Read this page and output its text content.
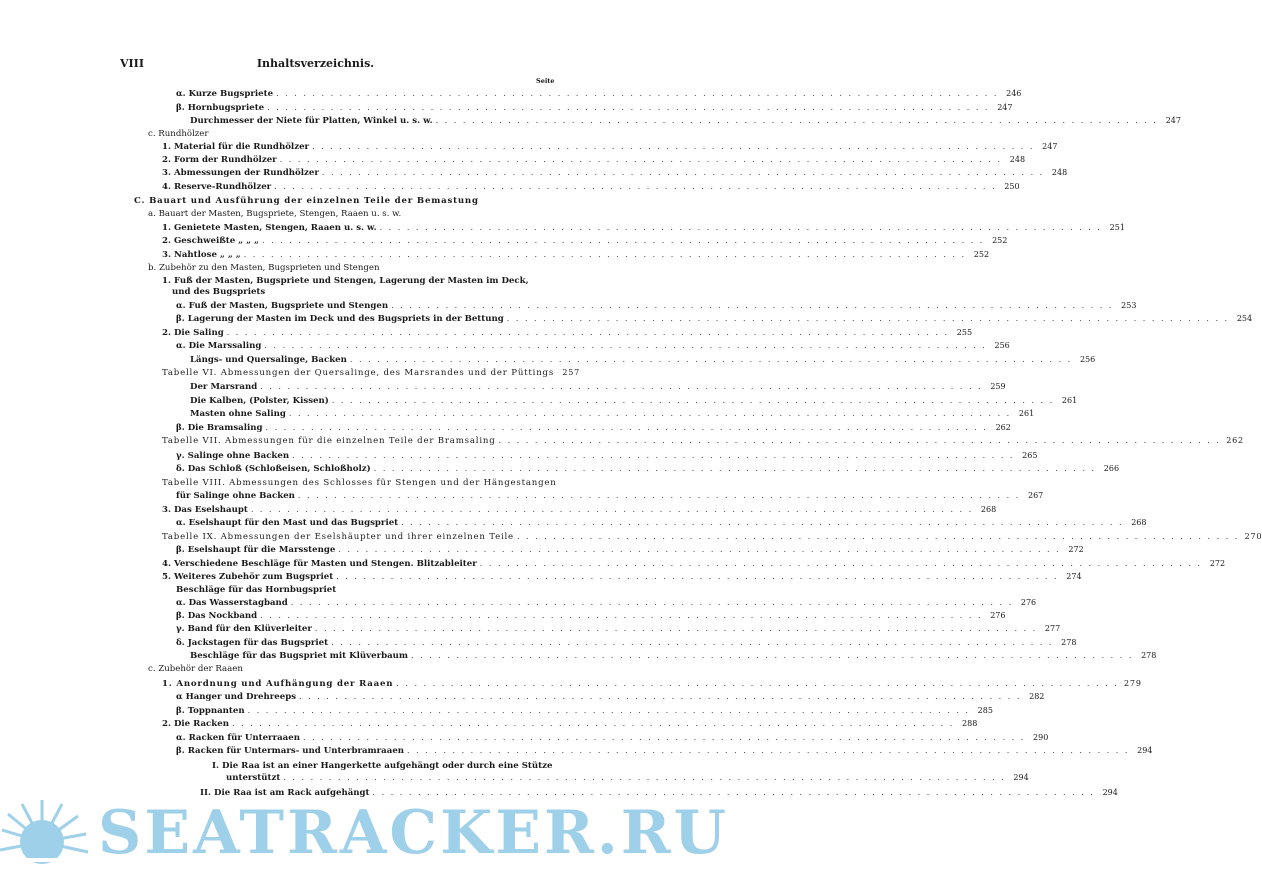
VIII	Inhaltsverzeichnis.
Seite
α. Kurze Bugspriete . . . . . . . . . . . . . . . . . . . . . . . . . . . . . . . . . . . . . . . . . . . . . . . . . . . . . . . . . . . . . . . . . . . . . . . . . . . . . . . . 246
β. Hornbugspriete . . . . . . . . . . . . . . . . . . . . . . . . . . . . . . . . . . . . . . . . . . . . . . . . . . . . . . . . . . . . . . . . . . . . . . . . . . . . . . . . 247
Durchmesser der Niete für Platten, Winkel u. s. w. . . . . . . . . . . . . . . . . . . . . . . . . . . . . . . . . . . . . . . . . . . . . . . . . . . . . . . . . . . . . . . . . . . . . . . . . . . . . . . . . 247
c. Rundhölzer
1. Material für die Rundhölzer . . . . . . . . . . . . . . . . . . . . . . . . . . . . . . . . . . . . . . . . . . . . . . . . . . . . . . . . . . . . . . . . . . . . . . . . . . . . . . . . 247
2. Form der Rundhölzer . . . . . . . . . . . . . . . . . . . . . . . . . . . . . . . . . . . . . . . . . . . . . . . . . . . . . . . . . . . . . . . . . . . . . . . . . . . . . . . . 248
3. Abmessungen der Rundhölzer . . . . . . . . . . . . . . . . . . . . . . . . . . . . . . . . . . . . . . . . . . . . . . . . . . . . . . . . . . . . . . . . . . . . . . . . . . . . . . . . 248
4. Reserve-Rundhölzer . . . . . . . . . . . . . . . . . . . . . . . . . . . . . . . . . . . . . . . . . . . . . . . . . . . . . . . . . . . . . . . . . . . . . . . . . . . . . . . . 250
C. Bauart und Ausführung der einzelnen Teile der Bemastung
a. Bauart der Masten, Bugspriete, Stengen, Raaen u. s. w.
1. Genietete Masten, Stengen, Raaen u. s. w. . . . . . . . . . . . . . . . . . . . . . . . . . . . . . . . . . . . . . . . . . . . . . . . . . . . . . . . . . . . . . . . . . . . . . . . . . . . . . . . . 251
2. Geschweißte „ „ „ . . . . . . . . . . . . . . . . . . . . . . . . . . . . . . . . . . . . . . . . . . . . . . . . . . . . . . . . . . . . . . . . . . . . . . . . . . . . . . . . 252
3. Nahtlose „ „ „ . . . . . . . . . . . . . . . . . . . . . . . . . . . . . . . . . . . . . . . . . . . . . . . . . . . . . . . . . . . . . . . . . . . . . . . . . . . . . . . . 252
b. Zubehör zu den Masten, Bugsprieten und Stengen
1. Fuß der Masten, Bugspriete und Stengen, Lagerung der Masten im Deck,
und des Bugspriets
α. Fuß der Masten, Bugspriete und Stengen . . . . . . . . . . . . . . . . . . . . . . . . . . . . . . . . . . . . . . . . . . . . . . . . . . . . . . . . . . . . . . . . . . . . . . . . . . . . . . . . 253
β. Lagerung der Masten im Deck und des Bugspriets in der Bettung . . . . . . . . . . . . . . . . . . . . . . . . . . . . . . . . . . . . . . . . . . . . . . . . . . . . . . . . . . . . . . . . . . . . . . . . . . . . . . . . 254
2. Die Saling . . . . . . . . . . . . . . . . . . . . . . . . . . . . . . . . . . . . . . . . . . . . . . . . . . . . . . . . . . . . . . . . . . . . . . . . . . . . . . . . 255
α. Die Marssaling . . . . . . . . . . . . . . . . . . . . . . . . . . . . . . . . . . . . . . . . . . . . . . . . . . . . . . . . . . . . . . . . . . . . . . . . . . . . . . . . 256
Längs- und Quersalinge, Backen . . . . . . . . . . . . . . . . . . . . . . . . . . . . . . . . . . . . . . . . . . . . . . . . . . . . . . . . . . . . . . . . . . . . . . . . . . . . . . . . 256
Tabelle VI. Abmessungen der Quersalinge, des Marsrandes und der Püttings 257
Der Marsrand . . . . . . . . . . . . . . . . . . . . . . . . . . . . . . . . . . . . . . . . . . . . . . . . . . . . . . . . . . . . . . . . . . . . . . . . . . . . . . . . 259
Die Kalben, (Polster, Kissen) . . . . . . . . . . . . . . . . . . . . . . . . . . . . . . . . . . . . . . . . . . . . . . . . . . . . . . . . . . . . . . . . . . . . . . . . . . . . . . . . 261
Masten ohne Saling . . . . . . . . . . . . . . . . . . . . . . . . . . . . . . . . . . . . . . . . . . . . . . . . . . . . . . . . . . . . . . . . . . . . . . . . . . . . . . . . 261
β. Die Bramsaling . . . . . . . . . . . . . . . . . . . . . . . . . . . . . . . . . . . . . . . . . . . . . . . . . . . . . . . . . . . . . . . . . . . . . . . . . . . . . . . . 262
Tabelle VII. Abmessungen für die einzelnen Teile der Bramsaling . . . . . . . . . . . . . . . . . . . . . . . . . . . . . . . . . . . . . . . . . . . . . . . . . . . . . . . . . . . . . . . . . . . . . . . . . . . . . . . . 262
γ. Salinge ohne Backen . . . . . . . . . . . . . . . . . . . . . . . . . . . . . . . . . . . . . . . . . . . . . . . . . . . . . . . . . . . . . . . . . . . . . . . . . . . . . . . . 265
δ. Das Schloß (Schloßeisen, Schloßholz) . . . . . . . . . . . . . . . . . . . . . . . . . . . . . . . . . . . . . . . . . . . . . . . . . . . . . . . . . . . . . . . . . . . . . . . . . . . . . . . . 266
Tabelle VIII. Abmessungen des Schlosses für Stengen und der Hängestangen
für Salinge ohne Backen . . . . . . . . . . . . . . . . . . . . . . . . . . . . . . . . . . . . . . . . . . . . . . . . . . . . . . . . . . . . . . . . . . . . . . . . . . . . . . . . 267
3. Das Eselshaupt . . . . . . . . . . . . . . . . . . . . . . . . . . . . . . . . . . . . . . . . . . . . . . . . . . . . . . . . . . . . . . . . . . . . . . . . . . . . . . . . 268
α. Eselshaupt für den Mast und das Bugspriet . . . . . . . . . . . . . . . . . . . . . . . . . . . . . . . . . . . . . . . . . . . . . . . . . . . . . . . . . . . . . . . . . . . . . . . . . . . . . . . . 268
Tabelle IX. Abmessungen der Eselshäupter und ihrer einzelnen Teile . . . . . . . . . . . . . . . . . . . . . . . . . . . . . . . . . . . . . . . . . . . . . . . . . . . . . . . . . . . . . . . . . . . . . . . . . . . . . . . . 270
β. Eselshaupt für die Marsstenge . . . . . . . . . . . . . . . . . . . . . . . . . . . . . . . . . . . . . . . . . . . . . . . . . . . . . . . . . . . . . . . . . . . . . . . . . . . . . . . . 272
4. Verschiedene Beschläge für Masten und Stengen. Blitzableiter . . . . . . . . . . . . . . . . . . . . . . . . . . . . . . . . . . . . . . . . . . . . . . . . . . . . . . . . . . . . . . . . . . . . . . . . . . . . . . . . 272
5. Weiteres Zubehör zum Bugspriet . . . . . . . . . . . . . . . . . . . . . . . . . . . . . . . . . . . . . . . . . . . . . . . . . . . . . . . . . . . . . . . . . . . . . . . . . . . . . . . . 274
Beschläge für das Hornbugspriet
α. Das Wasserstagband . . . . . . . . . . . . . . . . . . . . . . . . . . . . . . . . . . . . . . . . . . . . . . . . . . . . . . . . . . . . . . . . . . . . . . . . . . . . . . . . 276
β. Das Nockband . . . . . . . . . . . . . . . . . . . . . . . . . . . . . . . . . . . . . . . . . . . . . . . . . . . . . . . . . . . . . . . . . . . . . . . . . . . . . . . . 276
γ. Band für den Klüverleiter . . . . . . . . . . . . . . . . . . . . . . . . . . . . . . . . . . . . . . . . . . . . . . . . . . . . . . . . . . . . . . . . . . . . . . . . . . . . . . . . 277
δ. Jackstagen für das Bugspriet . . . . . . . . . . . . . . . . . . . . . . . . . . . . . . . . . . . . . . . . . . . . . . . . . . . . . . . . . . . . . . . . . . . . . . . . . . . . . . . . 278
Beschläge für das Bugspriet mit Klüverbaum . . . . . . . . . . . . . . . . . . . . . . . . . . . . . . . . . . . . . . . . . . . . . . . . . . . . . . . . . . . . . . . . . . . . . . . . . . . . . . . . 278
c. Zubehör der Raaen
1. Anordnung und Aufhängung der Raaen . . . . . . . . . . . . . . . . . . . . . . . . . . . . . . . . . . . . . . . . . . . . . . . . . . . . . . . . . . . . . . . . . . . . . . . . . . . . . . . . 279
α Hanger und Drehreeps . . . . . . . . . . . . . . . . . . . . . . . . . . . . . . . . . . . . . . . . . . . . . . . . . . . . . . . . . . . . . . . . . . . . . . . . . . . . . . . . 282
β. Toppnanten . . . . . . . . . . . . . . . . . . . . . . . . . . . . . . . . . . . . . . . . . . . . . . . . . . . . . . . . . . . . . . . . . . . . . . . . . . . . . . . . 285
2. Die Racken . . . . . . . . . . . . . . . . . . . . . . . . . . . . . . . . . . . . . . . . . . . . . . . . . . . . . . . . . . . . . . . . . . . . . . . . . . . . . . . . 288
α. Racken für Unterraaen . . . . . . . . . . . . . . . . . . . . . . . . . . . . . . . . . . . . . . . . . . . . . . . . . . . . . . . . . . . . . . . . . . . . . . . . . . . . . . . . 290
β. Racken für Untermars- und Unterbramraaen . . . . . . . . . . . . . . . . . . . . . . . . . . . . . . . . . . . . . . . . . . . . . . . . . . . . . . . . . . . . . . . . . . . . . . . . . . . . . . . . 294
I. Die Raa ist an einer Hangerkette aufgehängt oder durch eine Stütze
unterstützt . . . . . . . . . . . . . . . . . . . . . . . . . . . . . . . . . . . . . . . . . . . . . . . . . . . . . . . . . . . . . . . . . . . . . . . . . . . . . . . . 294
II. Die Raa ist am Rack aufgehängt . . . . . . . . . . . . . . . . . . . . . . . . . . . . . . . . . . . . . . . . . . . . . . . . . . . . . . . . . . . . . . . . . . . . . . . . . . . . . . . . 294
SEATRACKER.RU
